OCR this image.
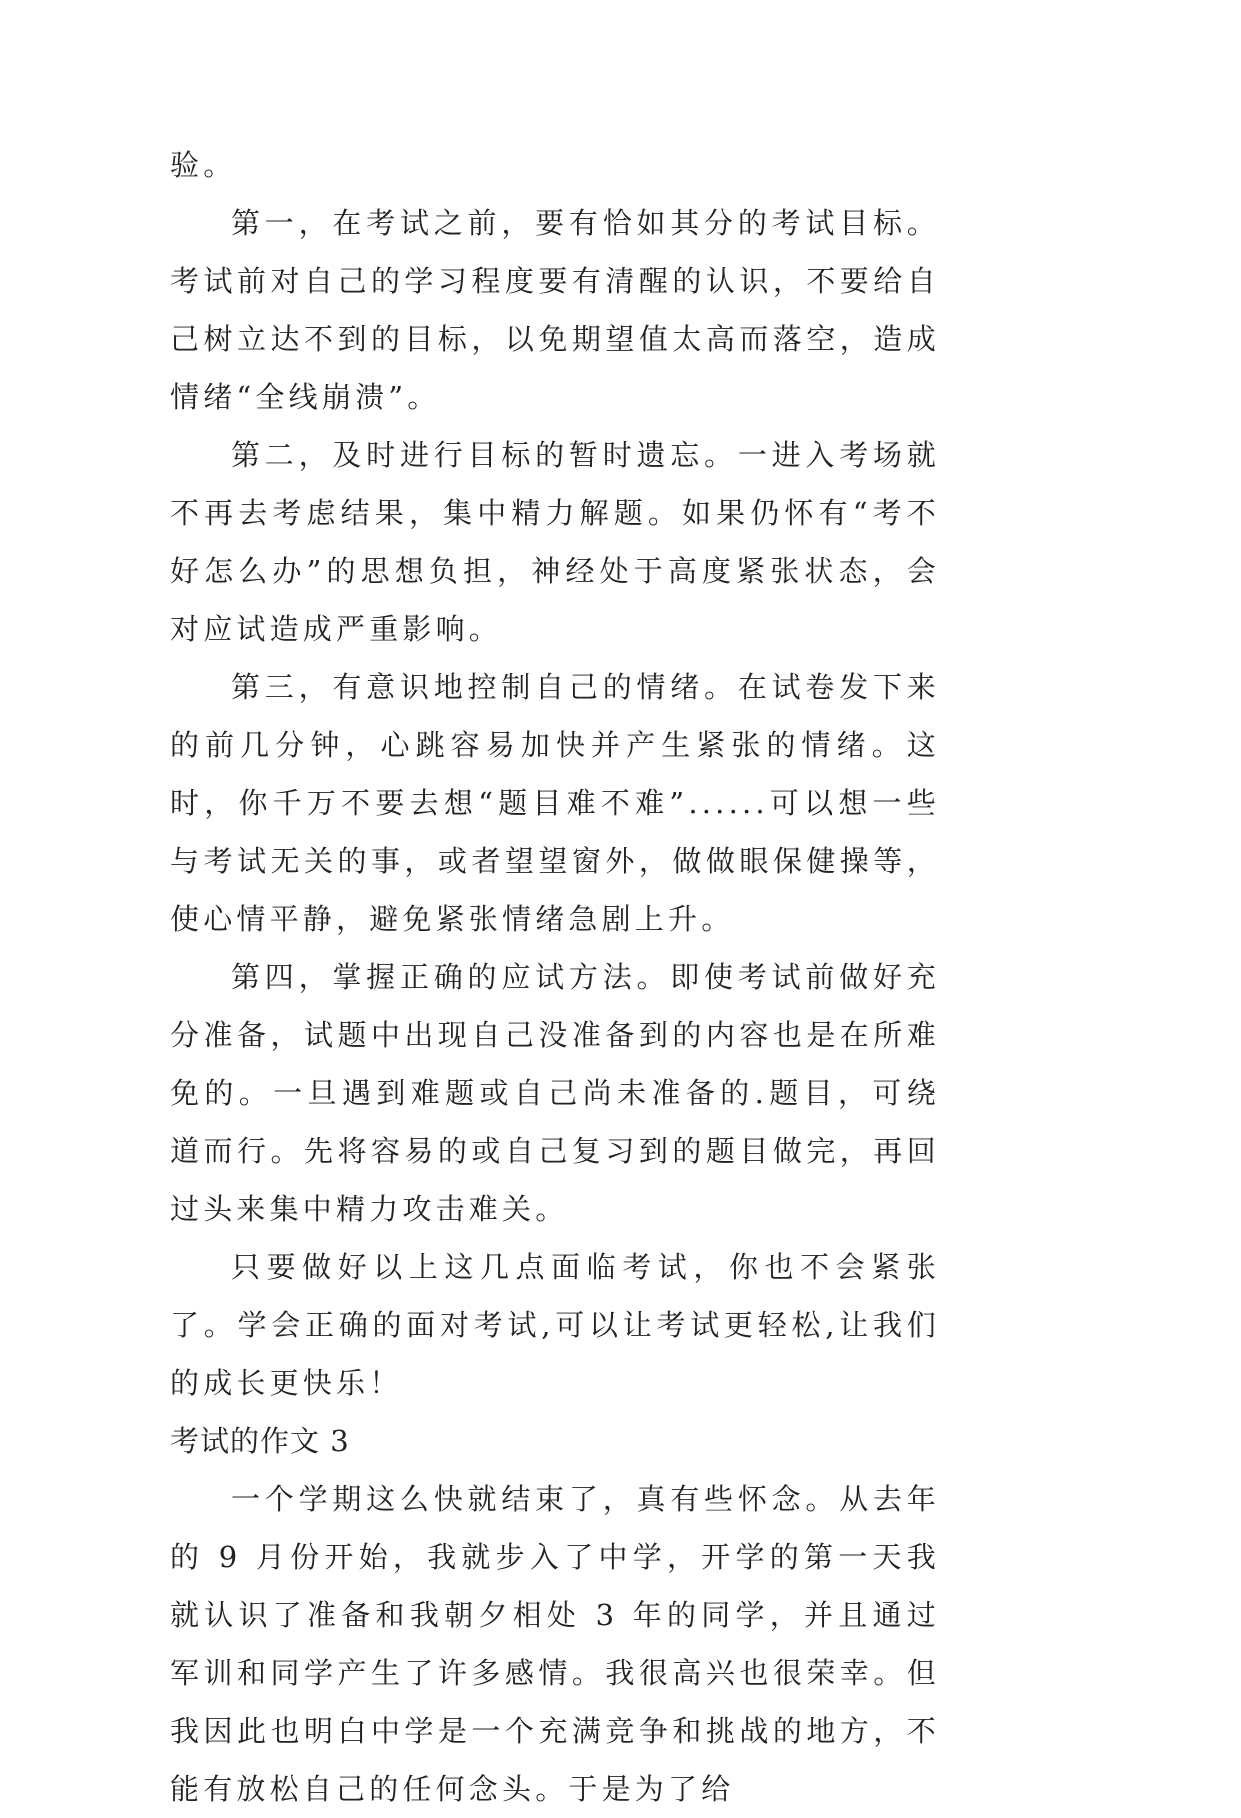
验。

第一，在考试之前，要有恰如其分的考试目标。考试前对自己的学习程度要有清醒的认识，不要给自己树立达不到的目标，以免期望值太高而落空，造成情绪“全线崩溃”。

第二，及时进行目标的暂时遗忘。一进入考场就不再去考虑结果，集中精力解题。如果仍怀有“考不好怎么办”的思想负担，神经处于高度紧张状态，会对应试造成严重影响。

第三，有意识地控制自己的情绪。在试卷发下来的前几分钟，心跳容易加快并产生紧张的情绪。这时，你千万不要去想“题目难不难”......可以想一些与考试无关的事，或者望望窗外，做做眼保健操等，使心情平静，避免紧张情绪急剧上升。

第四，掌握正确的应试方法。即使考试前做好充分准备，试题中出现自己没准备到的内容也是在所难免的。一旦遇到难题或自己尚未准备的.题目，可绕道而行。先将容易的或自己复习到的题目做完，再回过头来集中精力攻击难关。

只要做好以上这几点面临考试，你也不会紧张了。学会正确的面对考试,可以让考试更轻松,让我们的成长更快乐！

考试的作文 3

一个学期这么快就结束了，真有些怀念。从去年的 9 月份开始，我就步入了中学，开学的第一天我就认识了准备和我朝夕相处 3 年的同学，并且通过军训和同学产生了许多感情。我很高兴也很荣幸。但我因此也明白中学是一个充满竞争和挑战的地方，不能有放松自己的任何念头。于是为了给
